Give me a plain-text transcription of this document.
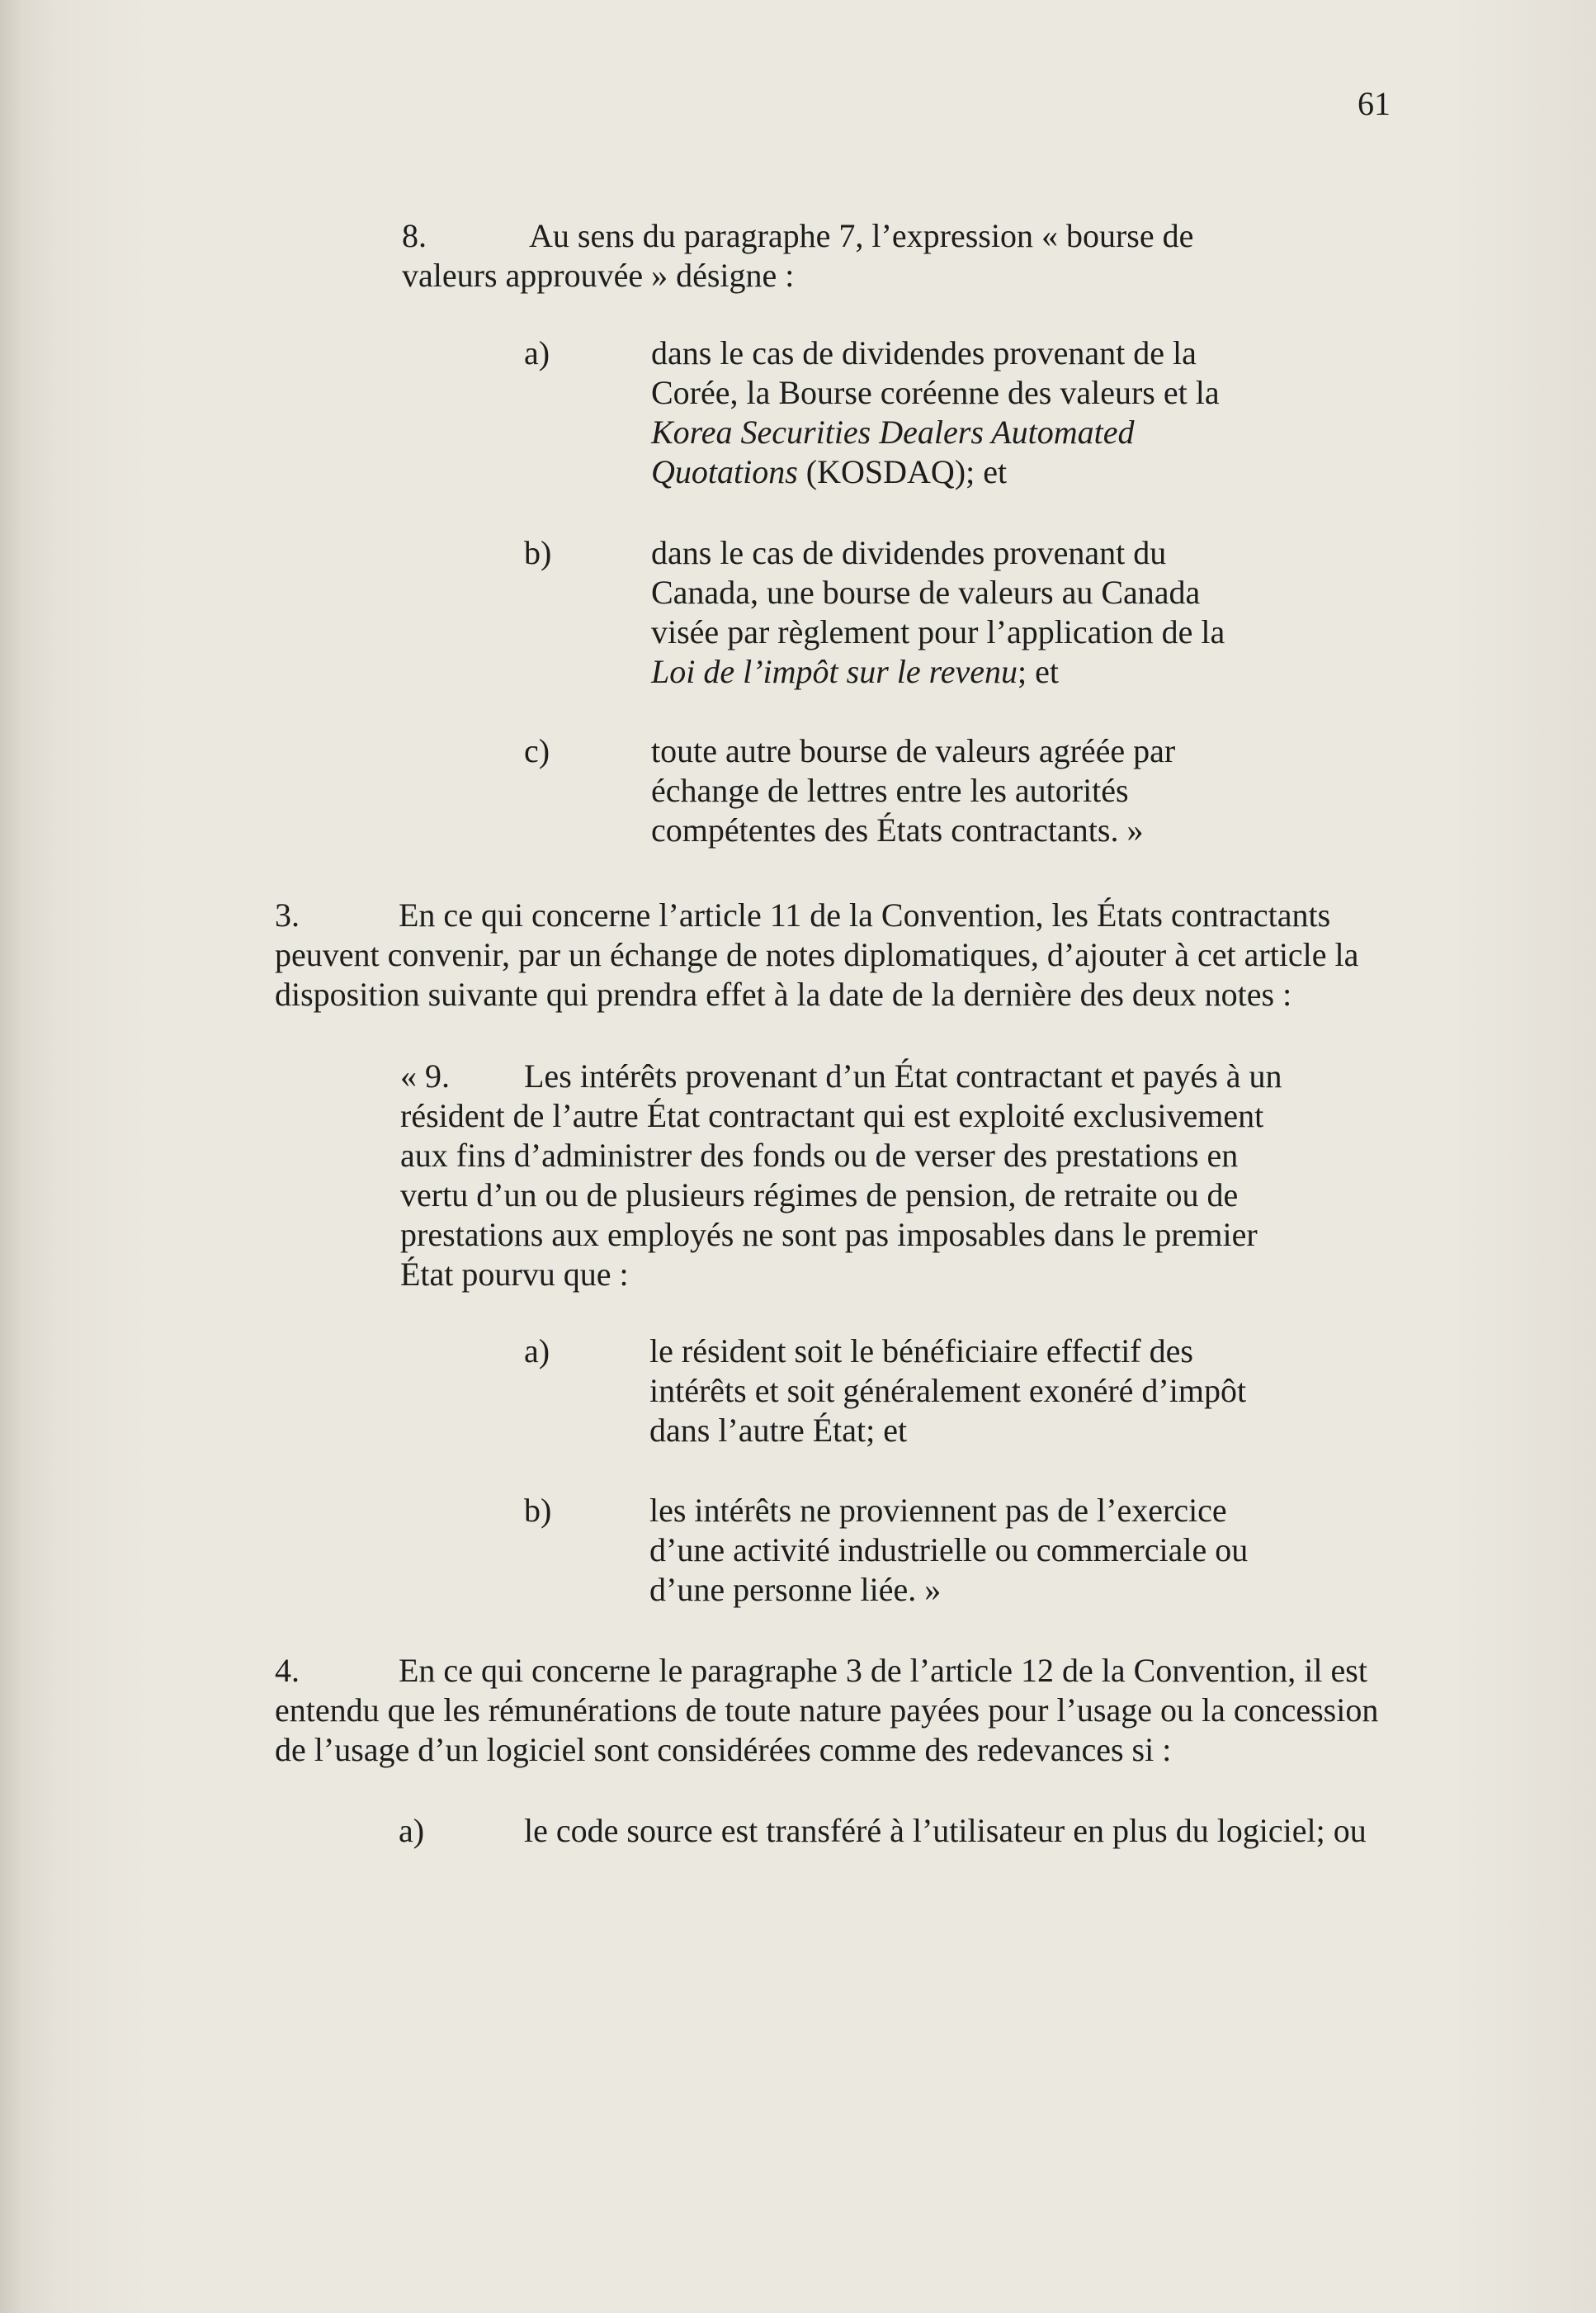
61

8.	Au sens du paragraphe 7, l’expression « bourse de valeurs approuvée » désigne :

a)	dans le cas de dividendes provenant de la Corée, la Bourse coréenne des valeurs et la Korea Securities Dealers Automated Quotations (KOSDAQ); et
b)	dans le cas de dividendes provenant du Canada, une bourse de valeurs au Canada visée par règlement pour l’application de la Loi de l’impôt sur le revenu; et
c)	toute autre bourse de valeurs agréée par échange de lettres entre les autorités compétentes des États contractants. »

3.	En ce qui concerne l’article 11 de la Convention, les États contractants peuvent convenir, par un échange de notes diplomatiques, d’ajouter à cet article la disposition suivante qui prendra effet à la date de la dernière des deux notes :

« 9. Les intérêts provenant d’un État contractant et payés à un résident de l’autre État contractant qui est exploité exclusivement aux fins d’administrer des fonds ou de verser des prestations en vertu d’un ou de plusieurs régimes de pension, de retraite ou de prestations aux employés ne sont pas imposables dans le premier État pourvu que :

a)	le résident soit le bénéficiaire effectif des intérêts et soit généralement exonéré d’impôt dans l’autre État; et
b)	les intérêts ne proviennent pas de l’exercice d’une activité industrielle ou commerciale ou d’une personne liée. »

4.	En ce qui concerne le paragraphe 3 de l’article 12 de la Convention, il est entendu que les rémunérations de toute nature payées pour l’usage ou la concession de l’usage d’un logiciel sont considérées comme des redevances si :

a)	le code source est transféré à l’utilisateur en plus du logiciel; ou
